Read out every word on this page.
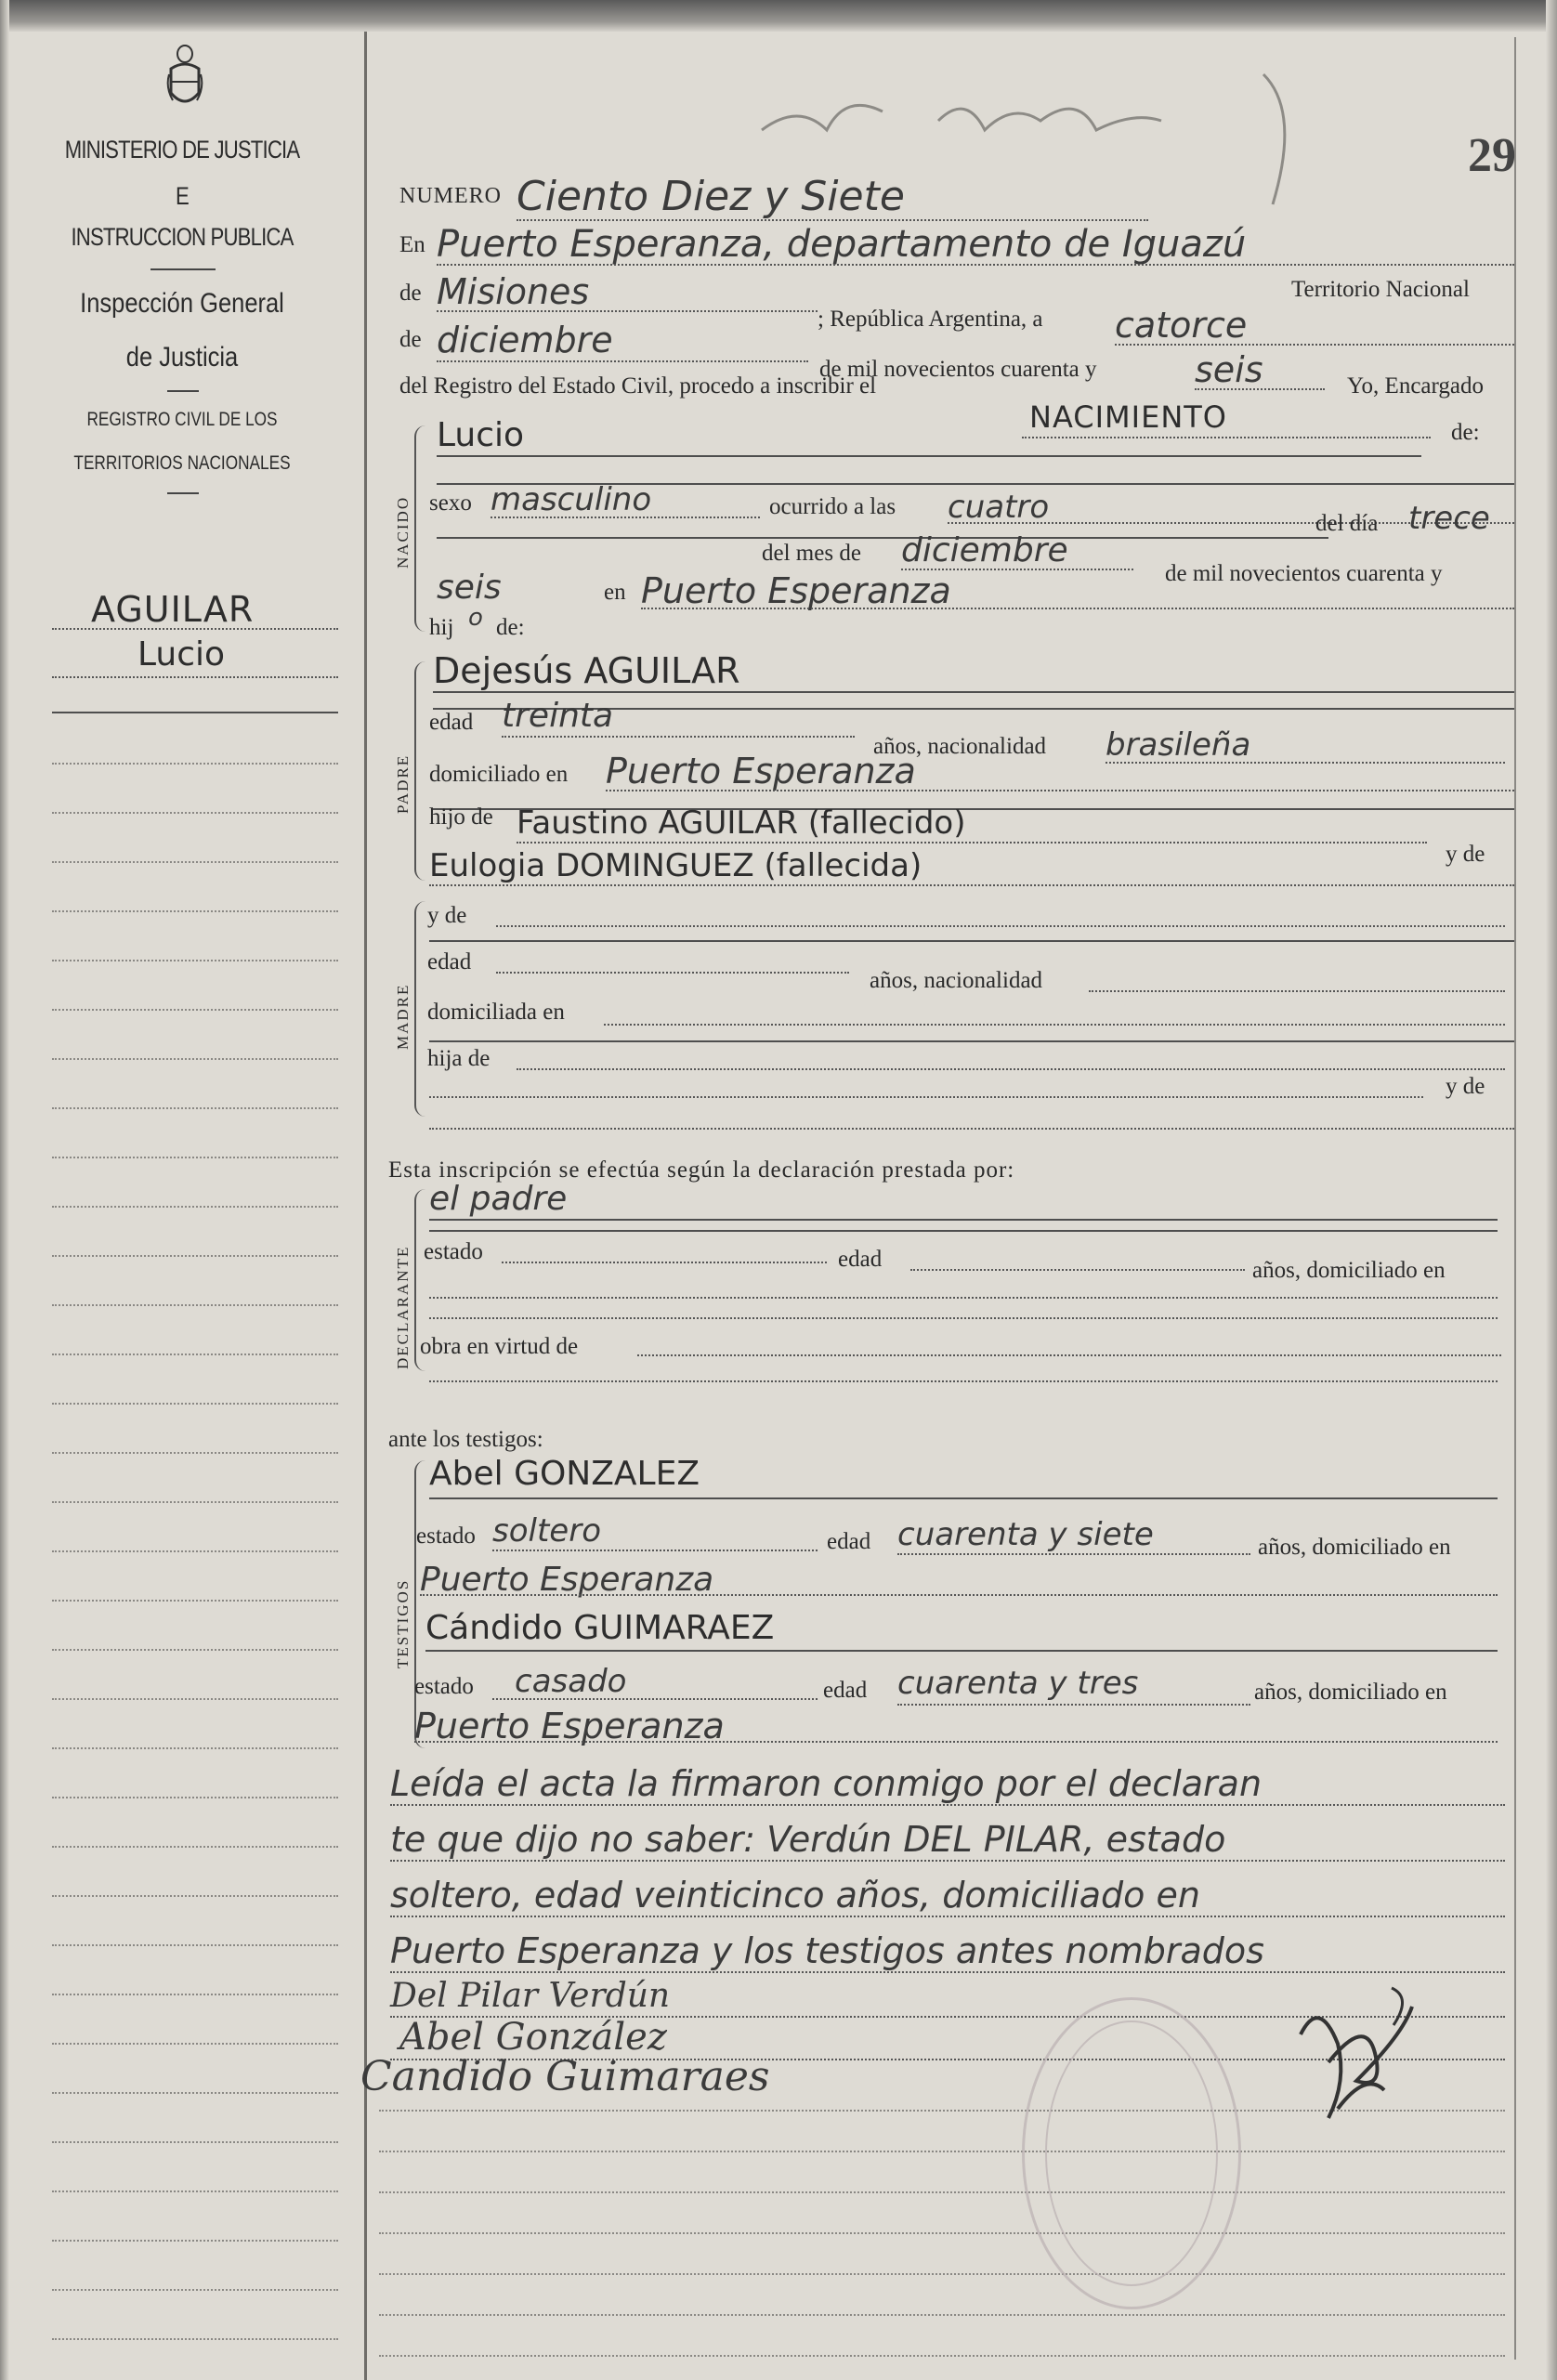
MINISTERIO DE JUSTICIA
E
INSTRUCCION PUBLICA
Inspección General
de Justicia
REGISTRO CIVIL DE LOS
TERRITORIOS NACIONALES
AGUILAR
Lucio
29
NUMERO Ciento Diez y Siete
En Puerto Esperanza, departamento de Iguazú
de Misiones
; República Argentina, a catorce
Territorio Nacional
de diciembre
de mil novecientos cuarenta y	seis	Yo, Encargado
del Registro del Estado Civil, procedo a inscribir el
NACIMIENTO
NACIDO
Lucio	de:
sexo masculino	ocurrido a las cuatro	del día trece
del mes de diciembre
de mil novecientos cuarenta y
seis	en Puerto Esperanza
hij o de:
PADRE
Dejesús AGUILAR
edad treinta
años, nacionalidad brasileña
domiciliado en Puerto Esperanza
hijo de Faustino AGUILAR (fallecido)
y de
Eulogia DOMINGUEZ (fallecida)
MADRE
y de
edad
años, nacionalidad
domiciliada en
hija de
y de
Esta inscripción se efectúa según la declaración prestada por:
DECLARANTE
el padre
estado	edad	años, domiciliado en
obra en virtud de
ante los testigos:
TESTIGOS
Abel GONZALEZ
estado soltero	edad cuarenta y siete	años, domiciliado en
Puerto Esperanza
Cándido GUIMARAEZ
estado casado	edad cuarenta y tres	años, domiciliado en
Puerto Esperanza
Leída el acta la firmaron conmigo por el declaran
te que dijo no saber: Verdún DEL PILAR, estado
soltero, edad veinticinco años, domiciliado en
Puerto Esperanza y los testigos antes nombrados
Del Pilar Verdún
Abel González
Candido Guimaraes
